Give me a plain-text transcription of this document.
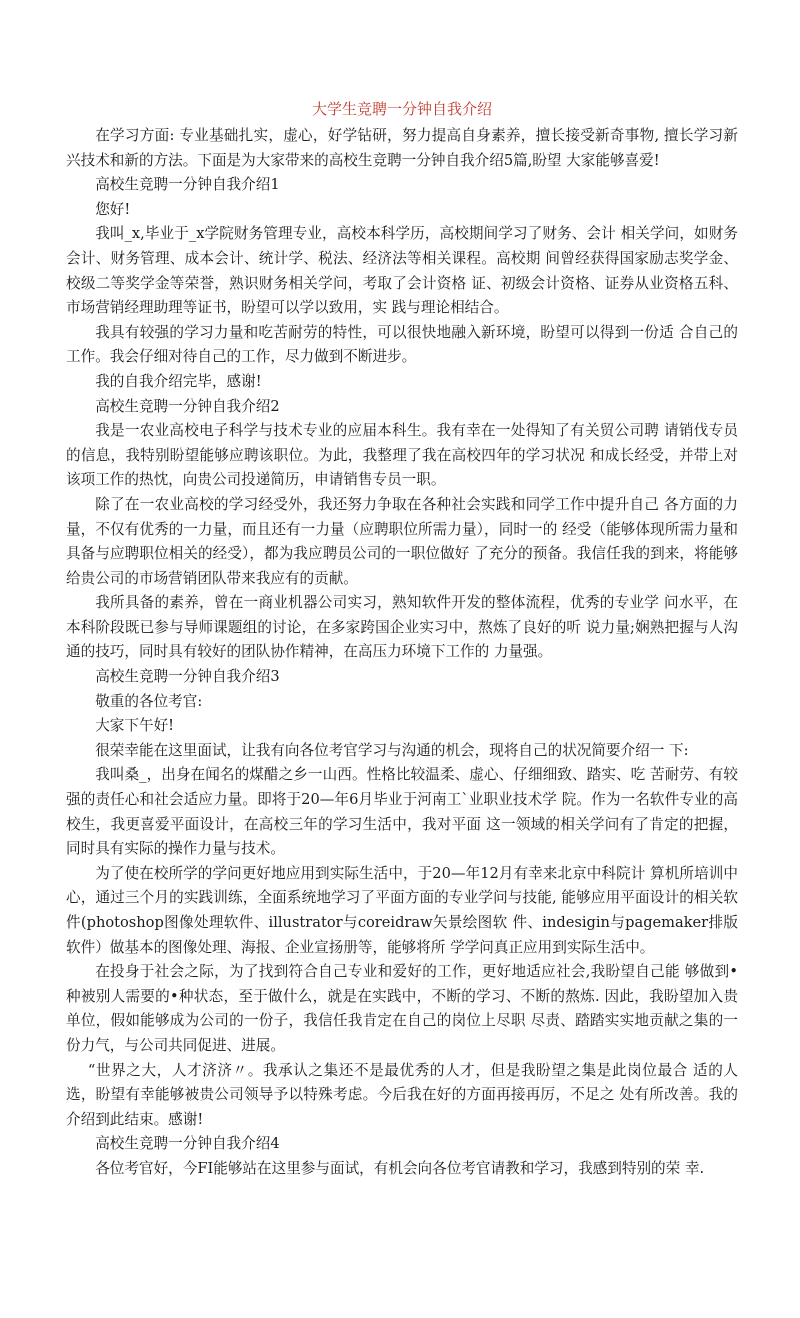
大学生竞聘一分钟自我介绍
在学习方面: 专业基础扎实，虚心，好学钻研，努力提高自身素养，擅长接受新奇事物, 擅长学习新兴技术和新的方法。下面是为大家带来的高校生竞聘一分钟自我介绍5篇,盼望 大家能够喜爱!
高校生竞聘一分钟自我介绍1
您好!
我叫_x,毕业于_x学院财务管理专业，高校本科学历，高校期间学习了财务、会计 相关学问，如财务会计、财务管理、成本会计、统计学、税法、经济法等相关课程。高校期 间曾经获得国家励志奖学金、校级二等奖学金等荣誉，熟识财务相关学问，考取了会计资格 证、初级会计资格、证券从业资格五科、市场营销经理助理等证书，盼望可以学以致用，实 践与理论相结合。
我具有较强的学习力量和吃苦耐劳的特性，可以很快地融入新环境，盼望可以得到一份适 合自己的工作。我会仔细对待自己的工作，尽力做到不断进步。
我的自我介绍完毕，感谢!
高校生竞聘一分钟自我介绍2
我是一农业高校电子科学与技术专业的应届本科生。我有幸在一处得知了有关贸公司聘 请销伐专员的信息，我特别盼望能够应聘该职位。为此，我整理了我在高校四年的学习状况 和成长经受，并带上对该项工作的热忱，向贵公司投递简历，申请销售专员一职。
除了在一农业高校的学习经受外，我还努力争取在各种社会实践和同学工作中提升自己 各方面的力量，不仅有优秀的一力量，而且还有一力量（应聘职位所需力量），同时一的 经受（能够体现所需力量和具备与应聘职位相关的经受），都为我应聘员公司的一职位做好 了充分的预备。我信任我的到来，将能够给贵公司的市场营销团队带来我应有的贡献。
我所具备的素养，曾在一商业机器公司实习，熟知软件开发的整体流程，优秀的专业学 问水平，在本科阶段既已参与导师课题组的讨论，在多家跨国企业实习中，熬炼了良好的听 说力量;娴熟把握与人沟通的技巧，同时具有较好的团队协作精神，在高压力环境下工作的 力量强。
高校生竞聘一分钟自我介绍3
敬重的各位考官:
大家下午好!
很荣幸能在这里面试，让我有向各位考官学习与沟通的机会，现将自己的状况简要介绍一 下:
我叫桑_，出身在闻名的煤醋之乡一山西。性格比较温柔、虚心、仔细细致、踏实、吃 苦耐劳、有较强的责任心和社会适应力量。即将于20—年6月毕业于河南工`业职业技术学 院。作为一名软件专业的高校生，我更喜爱平面设计，在高校三年的学习生活中，我对平面 这一领域的相关学问有了肯定的把握，同时具有实际的操作力量与技术。
为了使在校所学的学问更好地应用到实际生活中，于20—年12月有幸来北京中科院计 算机所培训中心，通过三个月的实践训练，全面系统地学习了平面方面的专业学问与技能, 能够应用平面设计的相关软件(photoshop图像处理软件、illustrator与coreidraw矢景绘图软 件、indesigin与pagemaker排版软件）做基本的图像处理、海报、企业宣扬册等，能够将所 学学问真正应用到实际生活中。
在投身于社会之际，为了找到符合自己专业和爱好的工作，更好地适应社会,我盼望自己能 够做到•种被别人需要的•种状态，至于做什么，就是在实践中，不断的学习、不断的熬炼. 因此，我盼望加入贵单位，假如能够成为公司的一份子，我信任我肯定在自己的岗位上尽职 尽责、踏踏实实地贡献之集的一份力气，与公司共同促进、进展。
“世界之大，人才济济〃。我承认之集还不是最优秀的人才，但是我盼望之集是此岗位最合 适的人选，盼望有幸能够被贵公司领导予以特殊考虑。今后我在好的方面再接再厉，不足之 处有所改善。我的介绍到此结束。感谢!
高校生竞聘一分钟自我介绍4
各位考官好，今FI能够站在这里参与面试，有机会向各位考官请教和学习，我感到特别的荣 幸.
